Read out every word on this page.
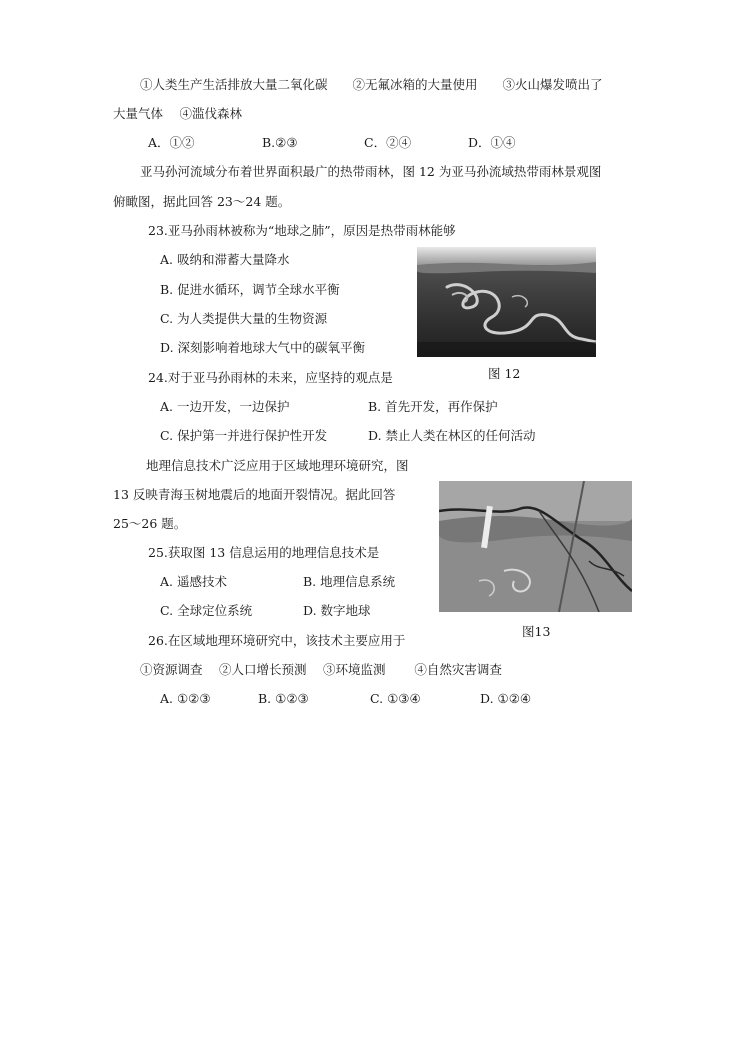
①人类生产生活排放大量二氧化碳　　②无氟冰箱的大量使用　　③火山爆发喷出了
大量气体　 ④滥伐森林
A．①②	B.②③	C．②④	D．①④
亚马孙河流域分布着世界面积最广的热带雨林，图 12 为亚马孙流域热带雨林景观图
俯瞰图，据此回答 23～24 题。
23.亚马孙雨林被称为“地球之肺”，原因是热带雨林能够
A. 吸纳和滞蓄大量降水
B. 促进水循环，调节全球水平衡
C. 为人类提供大量的生物资源
D. 深刻影响着地球大气中的碳氧平衡
图 12
24.对于亚马孙雨林的未来，应坚持的观点是
A. 一边开发，一边保护	B. 首先开发，再作保护
C. 保护第一并进行保护性开发	D. 禁止人类在林区的任何活动
地理信息技术广泛应用于区域地理环境研究，图
13 反映青海玉树地震后的地面开裂情况。据此回答
25～26 题。
图13
25.获取图 13 信息运用的地理信息技术是
A. 遥感技术	B. 地理信息系统
C. 全球定位系统	D. 数字地球
26.在区域地理环境研究中，该技术主要应用于
①资源调查　 ②人口增长预测　 ③环境监测　　 ④自然灾害调查
A. ①②③	B. ①②③	C. ①③④	D. ①②④
